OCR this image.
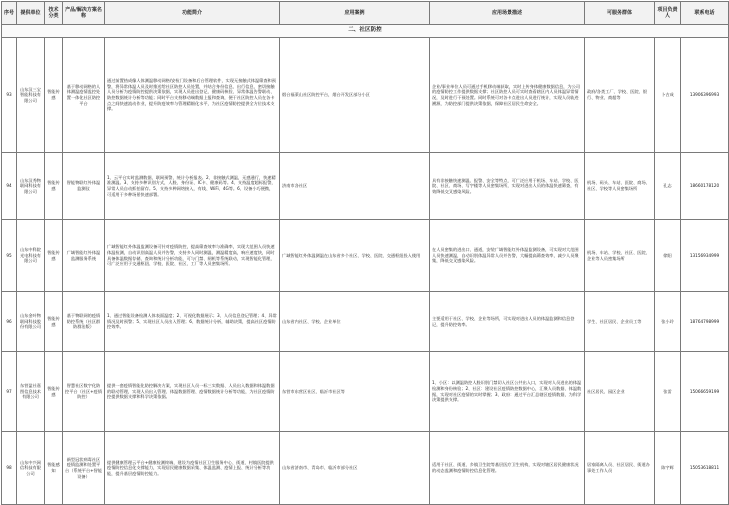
序号	提供单位	技术分类	产品/解决方案名称	功能简介	应用案例	应用场景描述	可服务群体	项目负责人	联系电话
二、社区防控									
93	山东汉三宝智能科技有限公司	智能传感	基于移动网格的人体测温疫情监控处置一体化社区防控平台	通过前置热成像人体测温移动网格/安检门设备和后台管理软件，实现无接触式体温筛查和预警，将异常体温人员及时推送给社区防控人员处置，并结合身份信息、出行信息、密切接触人员分析为疫情防控提供决策依据，实现人员进出登记、健康码核验、异常体温告警联动、防控数据统计分析等功能；同时平台支持移动端数据上报和查询，便于社区防控人员在各卡点之间快速流动作业，提升防疫效率与管理精细化水平，为社区疫情防控提供全方位技术支撑。	烟台福莱山社区防控平台，烟台开发区部分小区	企业/事业单位人员可通过手机移动端获取，实时上传身体健康数据信息，为公司的疫情防控工作提供数据支撑；社区防控人员可实时查看辖区内人员体温异常情况，及时进行干预处置。同时系统可对各卡点进出人员进行统计，实现人员轨迹溯源，为防控部门提供决策依据，保障社区居民生命安全。	政府/各类工厂、学校、医院、银行、物业、商超等	卜吉成	13906396993
94	山东汉秀物联网科技有限公司	智能传感	智能物联红外体温监测仪	1、云平台实时监测数据，联网预警，统计分析报表。2、非接触式测温，无感通行，快速精准测温。3、支持多种识别方式，人脸、身份证、IC卡、健康码等。4、支持温度超标报警，异常人员自动抓拍留存。5、支持多种网络接入，有线、WiFi、4G等。6、设备小巧便携，可适用于多种场景快速部署。	济南市各社区	具有非接触快速测温、报警、安全等特点，可广泛应用于机场、车站、学校、医院、社区、商场、写字楼等人员密集场所，实现对进出人员的体温快速筛查，有效降低交叉感染风险。	机场、码头、车站、医院、商场、社区、学校等人员密集场所	孔志	18660178120
95	山东中科院光电科技有限公司	智能传感	广域智能红外体温监测服务系统	广域智能红外体温监测设备可针对疫情防控，提高筛查效率与准确率，实现大范围人员快速体温检测，自动识别高温人员并告警，支持多人同时测温，测温精度高，响应速度快，同时具备体温数据存储、查询和统计分析功能，可与门禁、闸机等系统联动，实现智能化管理，可广泛应用于交通枢纽、学校、医院、社区、工厂等人员密集场所。	广域智能红外体温测温在山东省多个社区、学校、医院、交通枢纽投入使用	在人员密集的进出口、通道，安装广域智能红外体温监测设备，可实现对大范围人员快速测温，自动识别体温异常人员并告警，大幅提高筛查效率，减少人员聚集，降低交叉感染风险。	机场、车站、学校、社区、医院、企业等人员密集场所	徐阳	13156934999
96	山东金叶物联网科技股份有限公司	智能传感	基于物联网的疫情防控系统（社区群防群治版）	1、通过智能设备检测人体表面温度；2、可视化数据展示；3、人员信息登记管理；4、异常情况及时预警；5、实现社区人员出入管理；6、数据统计分析，辅助决策，提高社区疫情防控效率。	山东省内社区、学校、企业单位	主要适用于社区、学校、企业等场所，可实现对进出人员的体温监测和信息登记，提升防控效率。	学生、社区居民、企业员工等	张小玲	18764798999
97	东营盈社嘉图信息技术有限公司	智能传感	智慧社区数字化防控平台（社区+疫情防控）	提供一套疫情智能化防控解决方案，实现社区人员一标三实数据、人员出入数据和体温数据的联动管理，实现人员出入管理、体温数据管理、疫情数据统计分析等功能，为社区疫情防控提供数据支撑和科学决策依据。	东营市东营区社区、临沂市社区等	1、小区：以测温防控人脸识别门禁切入社区公共出入口，实现对人员进出的体温检测和身份核验；2、社区：建设社区疫情防控数据中心，汇聚人员数据、体温数据，实现对社区疫情的实时掌握；3、政府：通过平台汇总辖区疫情数据，为科学决策提供支撑。	社区居民、园区企业	张雷	15066659199
98	山东中兴网信科技有限公司	智能感知	新型冠状病毒社区疫情监测和处置平台（系统平台+智能设备）	提供健康管理云平台+健康检测终端，建设为疫情社区卫生服务中心、街道、村镇医院提供疫情防控信息化支撑能力，实现居民健康数据采集、体温监测、疫情上报、统计分析等功能，提升基层疫情防控能力。	山东省济南市、青岛市、临沂市部分社区	适用于社区、街道、乡镇卫生院等基层医疗卫生机构，实现对辖区居民健康状况的动态监测和疫情防控信息化管理。	居家隔离人员、社区居民、街道办事处工作人员	陈宇辉	15053618811
